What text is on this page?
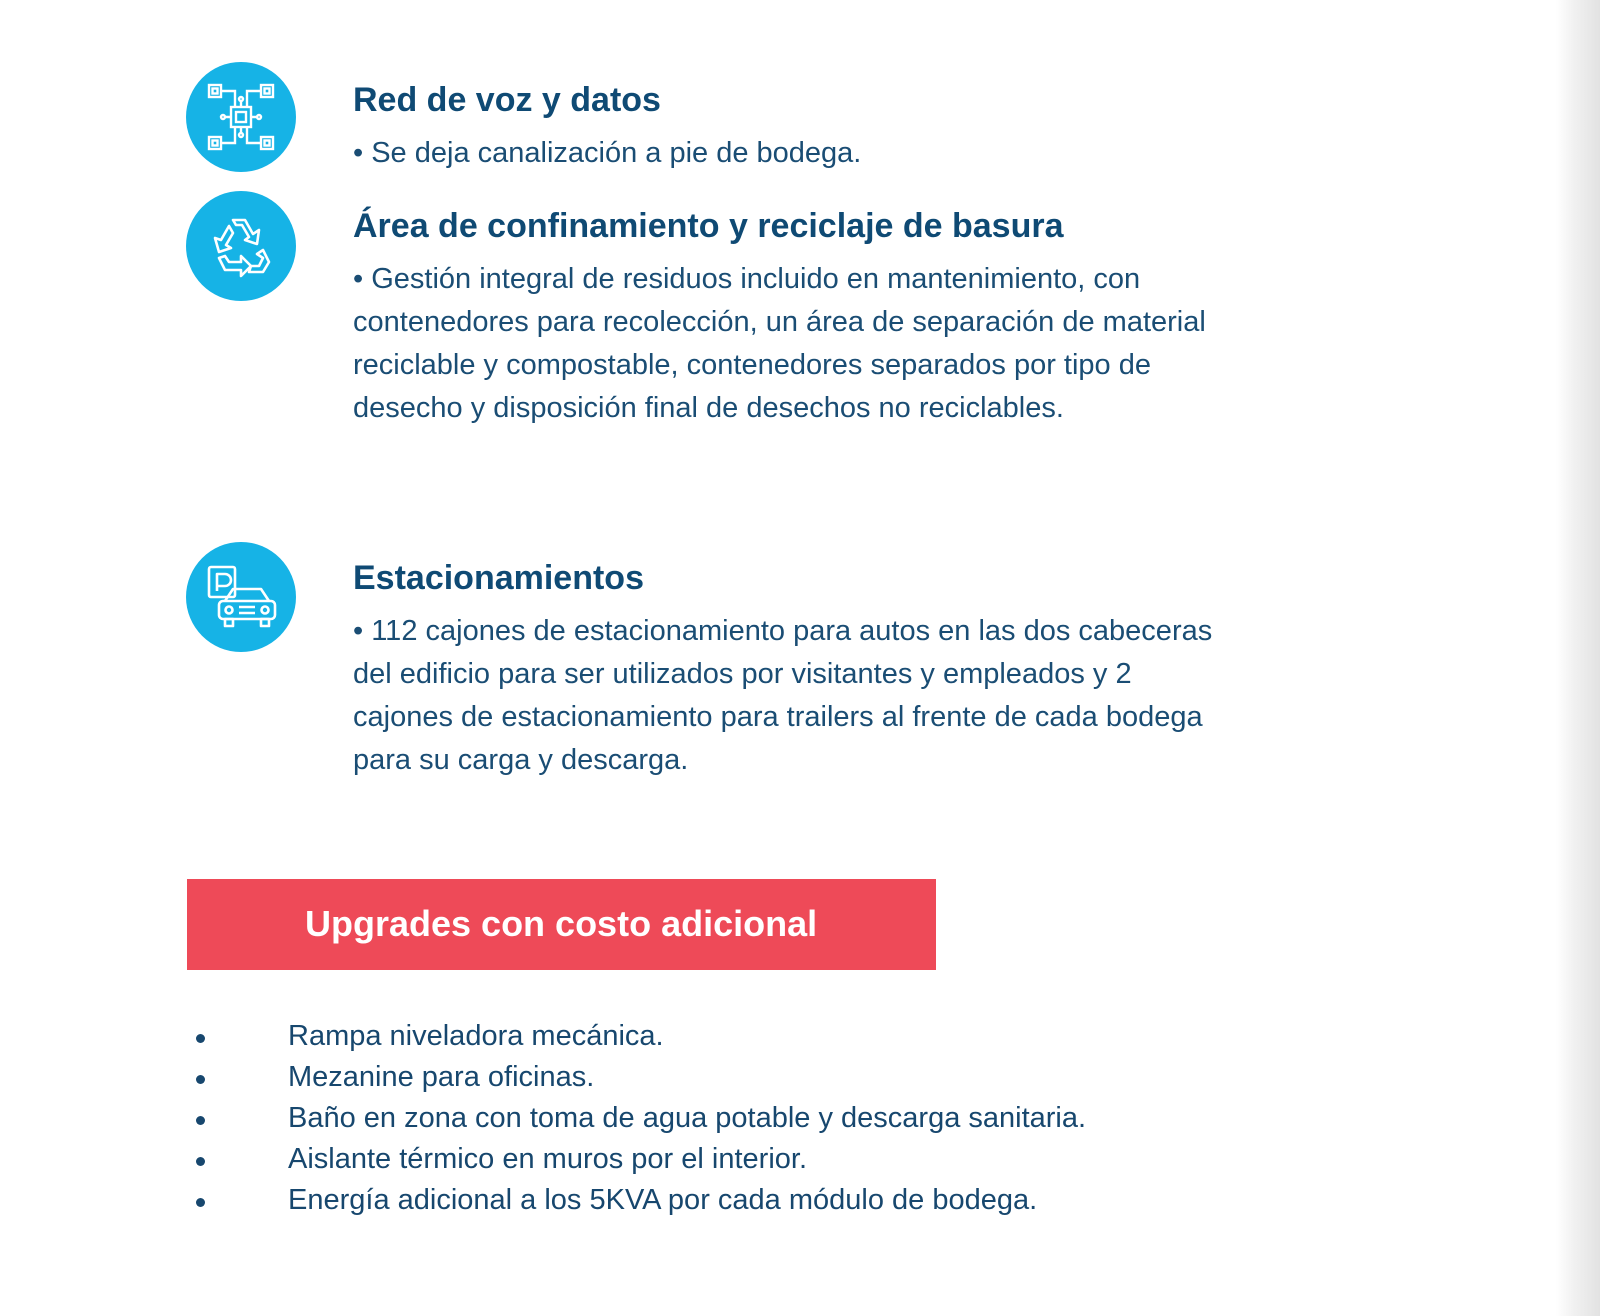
Red de voz y datos

• Se deja canalización a pie de bodega.

Área de confinamiento y reciclaje de basura

• Gestión integral de residuos incluido en mantenimiento, con contenedores para recolección, un área de separación de material reciclable y compostable, contenedores separados por tipo de desecho y disposición final de desechos no reciclables.

Estacionamientos

• 112 cajones de estacionamiento para autos en las dos cabeceras del edificio para ser utilizados por visitantes y empleados y 2 cajones de estacionamiento para trailers al frente de cada bodega para su carga y descarga.

Upgrades con costo adicional
Rampa niveladora mecánica.
Mezanine para oficinas.
Baño en zona con toma de agua potable y descarga sanitaria.
Aislante térmico en muros por el interior.
Energía adicional a los 5KVA por cada módulo de bodega.
